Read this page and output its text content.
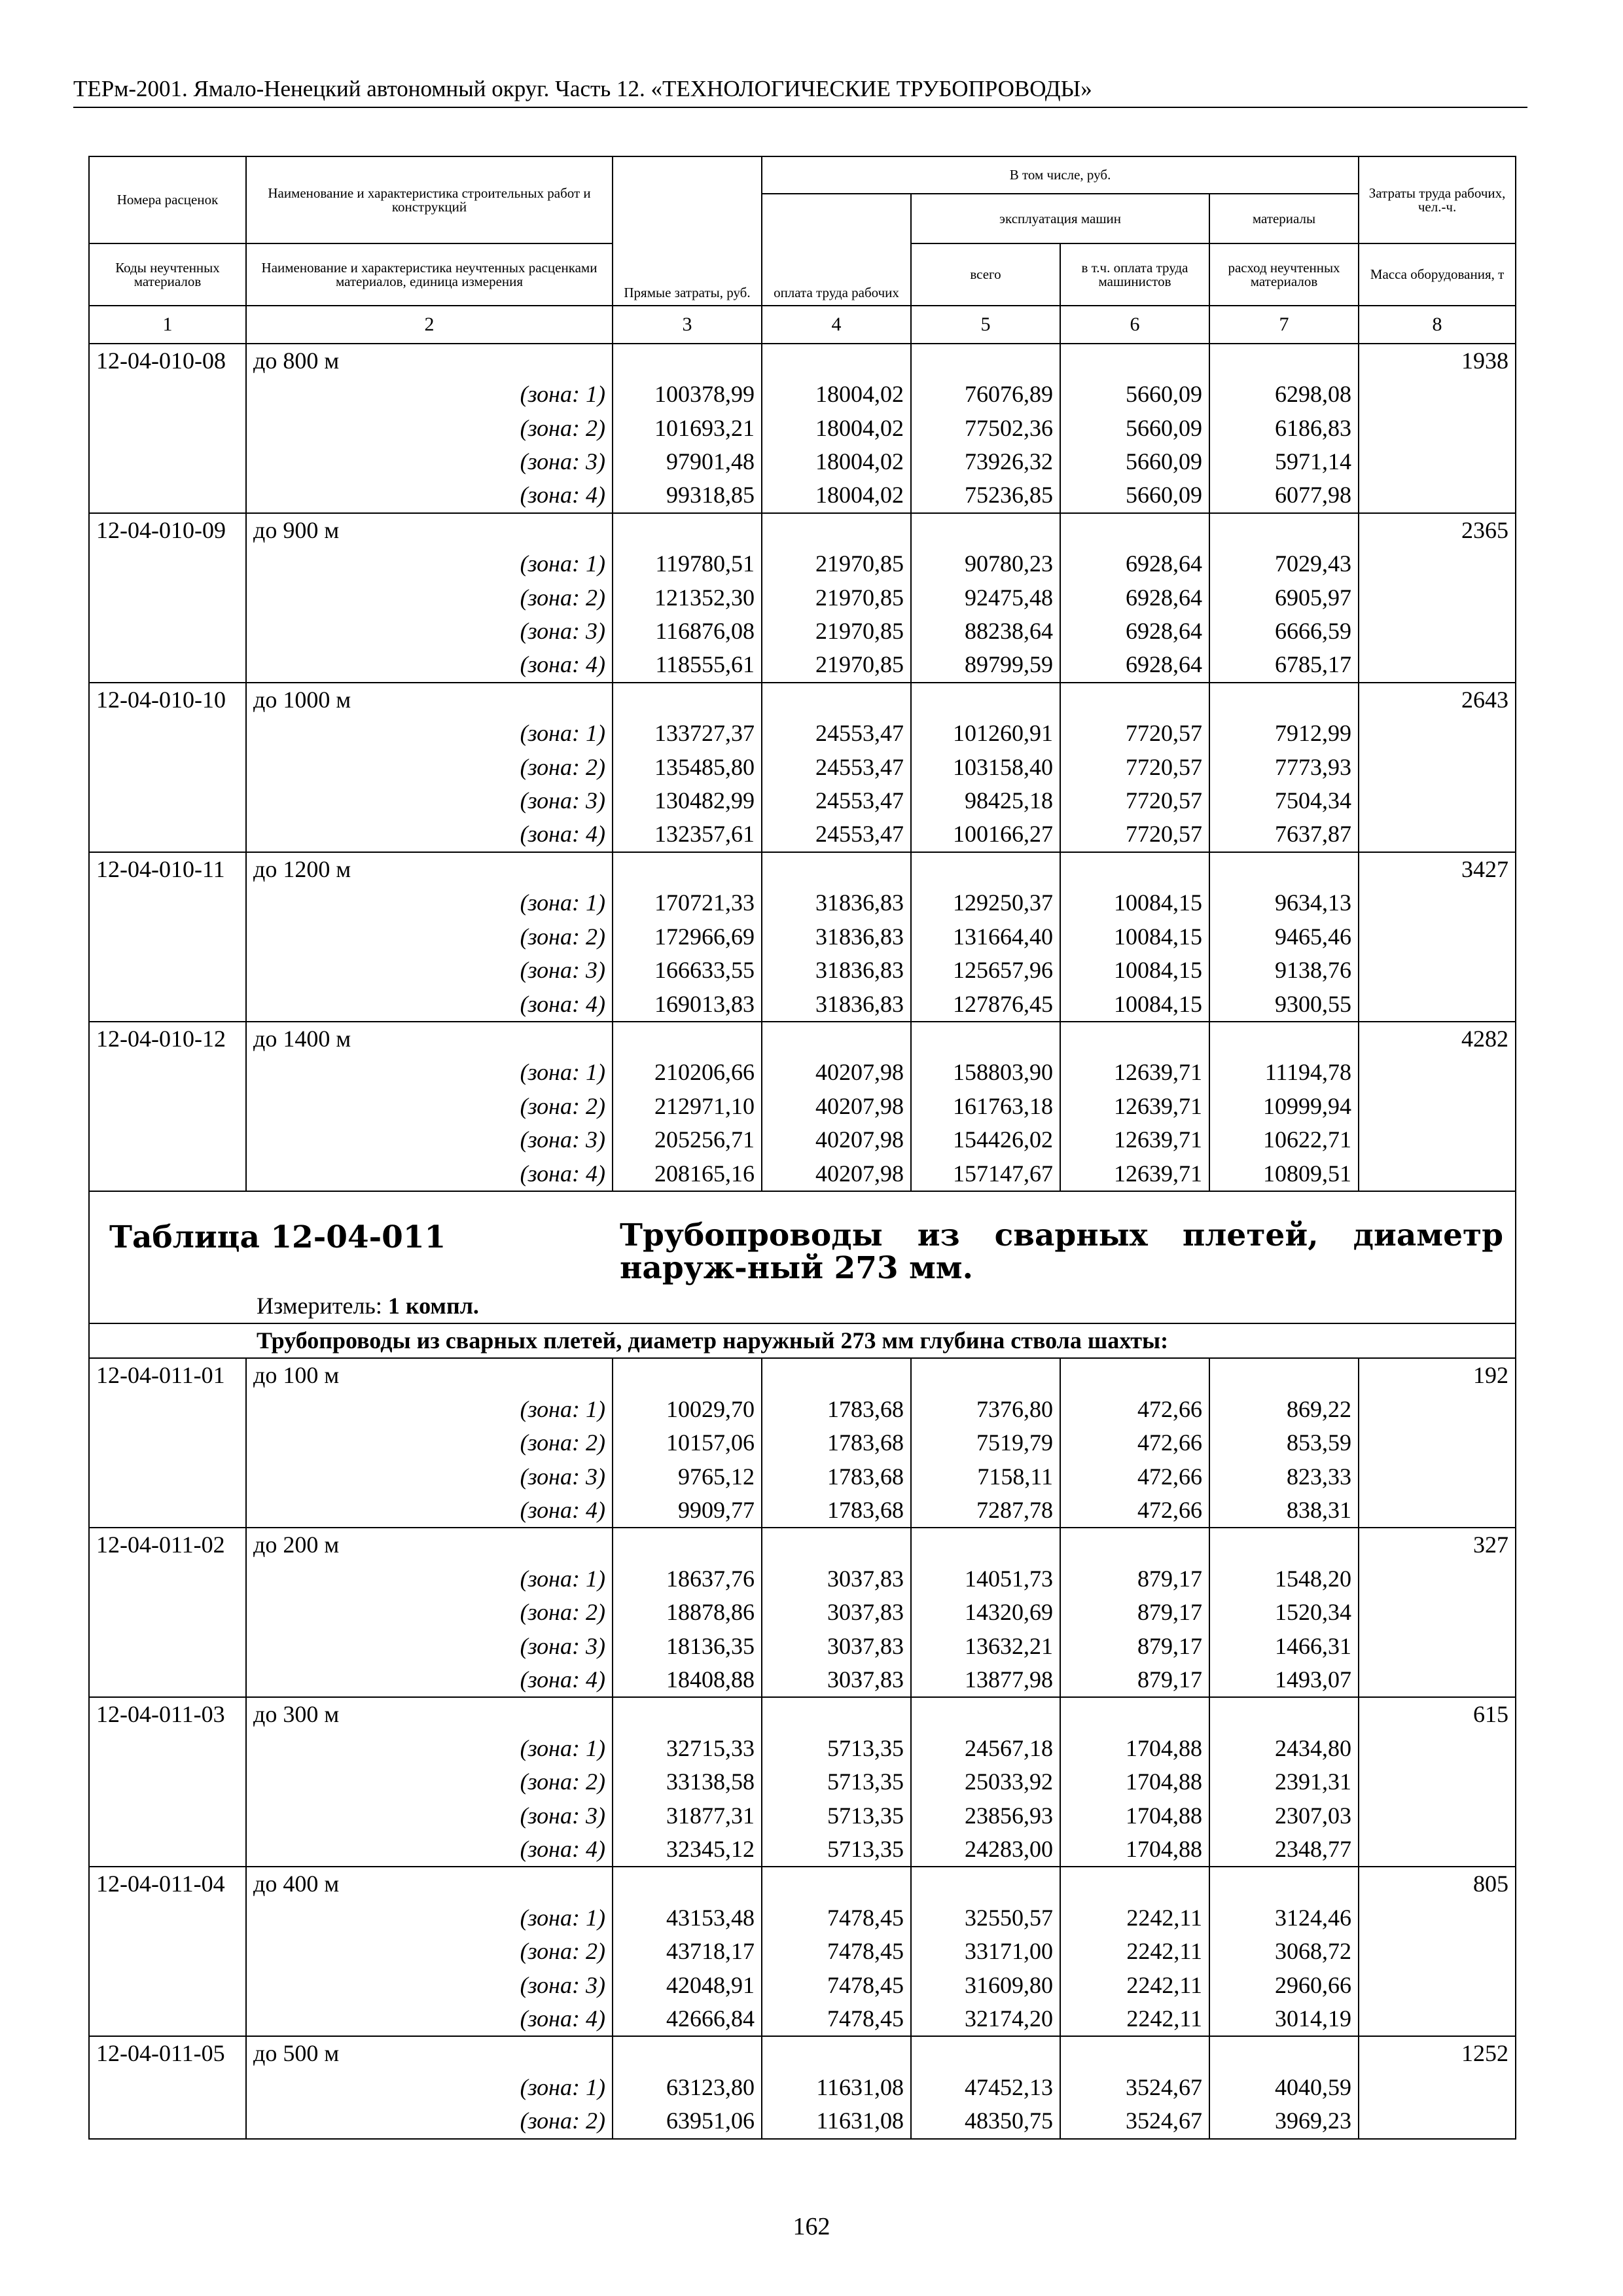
ТЕРм-2001. Ямало-Ненецкий автономный округ. Часть 12. «ТЕХНОЛОГИЧЕСКИЕ ТРУБОПРОВОДЫ»
Номера расценок	Наименование и характеристика строительных работ и конструкций	Прямые затраты, руб.	В том числе, руб.				Затраты труда рабочих, чел.-ч.
			оплата труда рабочих	эксплуатация машин		материалы	

Коды неучтенных материалов	Наименование и характеристика неучтенных расценками материалов, единица измерения			всего	в т.ч. оплата труда машинистов	расход неучтенных материалов	Масса оборудования, т
1	2	3	4	5	6	7	8
12-04-010-08	до 800 м						1938
	(зона: 1)	100378,99	18004,02	76076,89	5660,09	6298,08	
	(зона: 2)	101693,21	18004,02	77502,36	5660,09	6186,83	
	(зона: 3)	97901,48	18004,02	73926,32	5660,09	5971,14	
	(зона: 4)	99318,85	18004,02	75236,85	5660,09	6077,98	
12-04-010-09	до 900 м						2365
	(зона: 1)	119780,51	21970,85	90780,23	6928,64	7029,43	
	(зона: 2)	121352,30	21970,85	92475,48	6928,64	6905,97	
	(зона: 3)	116876,08	21970,85	88238,64	6928,64	6666,59	
	(зона: 4)	118555,61	21970,85	89799,59	6928,64	6785,17	
12-04-010-10	до 1000 м						2643
	(зона: 1)	133727,37	24553,47	101260,91	7720,57	7912,99	
	(зона: 2)	135485,80	24553,47	103158,40	7720,57	7773,93	
	(зона: 3)	130482,99	24553,47	98425,18	7720,57	7504,34	
	(зона: 4)	132357,61	24553,47	100166,27	7720,57	7637,87	
12-04-010-11	до 1200 м						3427
	(зона: 1)	170721,33	31836,83	129250,37	10084,15	9634,13	
	(зона: 2)	172966,69	31836,83	131664,40	10084,15	9465,46	
	(зона: 3)	166633,55	31836,83	125657,96	10084,15	9138,76	
	(зона: 4)	169013,83	31836,83	127876,45	10084,15	9300,55	
12-04-010-12	до 1400 м						4282
	(зона: 1)	210206,66	40207,98	158803,90	12639,71	11194,78	
	(зона: 2)	212971,10	40207,98	161763,18	12639,71	10999,94	
	(зона: 3)	205256,71	40207,98	154426,02	12639,71	10622,71	
	(зона: 4)	208165,16	40207,98	157147,67	12639,71	10809,51	

Таблица 12-04-011 Трубопроводы из сварных плетей, диаметр наруж-ный 273 мм.
Измеритель: 1 компл.							

Трубопроводы из сварных плетей, диаметр наружный 273 мм глубина ствола шахты:							
12-04-011-01	до 100 м						192
	(зона: 1)	10029,70	1783,68	7376,80	472,66	869,22	
	(зона: 2)	10157,06	1783,68	7519,79	472,66	853,59	
	(зона: 3)	9765,12	1783,68	7158,11	472,66	823,33	
	(зона: 4)	9909,77	1783,68	7287,78	472,66	838,31	
12-04-011-02	до 200 м						327
	(зона: 1)	18637,76	3037,83	14051,73	879,17	1548,20	
	(зона: 2)	18878,86	3037,83	14320,69	879,17	1520,34	
	(зона: 3)	18136,35	3037,83	13632,21	879,17	1466,31	
	(зона: 4)	18408,88	3037,83	13877,98	879,17	1493,07	
12-04-011-03	до 300 м						615
	(зона: 1)	32715,33	5713,35	24567,18	1704,88	2434,80	
	(зона: 2)	33138,58	5713,35	25033,92	1704,88	2391,31	
	(зона: 3)	31877,31	5713,35	23856,93	1704,88	2307,03	
	(зона: 4)	32345,12	5713,35	24283,00	1704,88	2348,77	
12-04-011-04	до 400 м						805
	(зона: 1)	43153,48	7478,45	32550,57	2242,11	3124,46	
	(зона: 2)	43718,17	7478,45	33171,00	2242,11	3068,72	
	(зона: 3)	42048,91	7478,45	31609,80	2242,11	2960,66	
	(зона: 4)	42666,84	7478,45	32174,20	2242,11	3014,19	
12-04-011-05	до 500 м						1252
	(зона: 1)	63123,80	11631,08	47452,13	3524,67	4040,59	
	(зона: 2)	63951,06	11631,08	48350,75	3524,67	3969,23	
162
